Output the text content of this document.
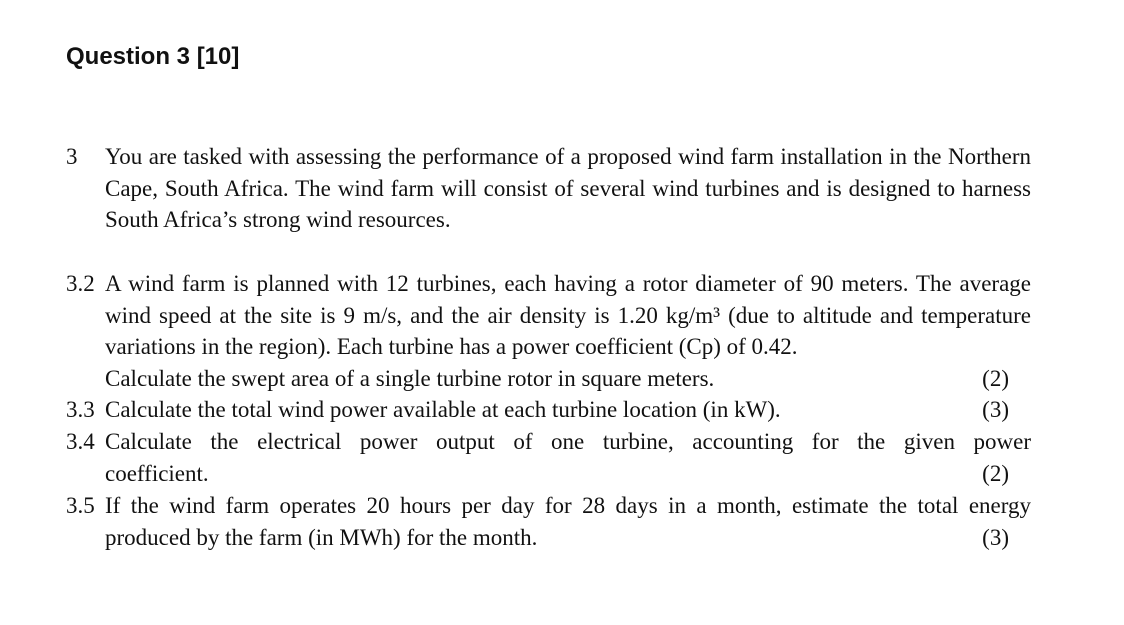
Question 3 [10]
3 You are tasked with assessing the performance of a proposed wind farm installation in the Northern Cape, South Africa. The wind farm will consist of several wind turbines and is designed to harness South Africa’s strong wind resources.
3.2 A wind farm is planned with 12 turbines, each having a rotor diameter of 90 meters. The average wind speed at the site is 9 m/s, and the air density is 1.20 kg/m³ (due to altitude and temperature variations in the region). Each turbine has a power coefficient (Cp) of 0.42.
Calculate the swept area of a single turbine rotor in square meters.	(2)
3.3 Calculate the total wind power available at each turbine location (in kW).	(3)
3.4 Calculate the electrical power output of one turbine, accounting for the given power
coefficient.	(2)
3.5 If the wind farm operates 20 hours per day for 28 days in a month, estimate the total energy
produced by the farm (in MWh) for the month.	(3)
